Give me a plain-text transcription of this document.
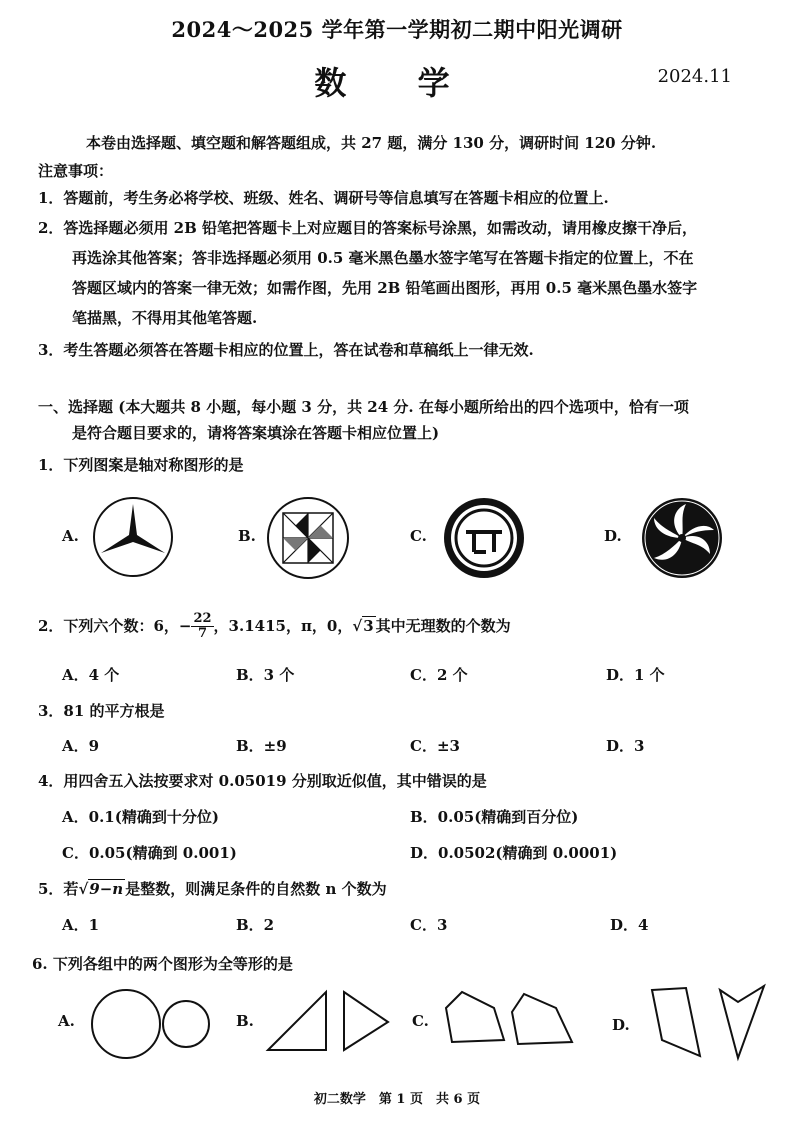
2024～2025 学年第一学期初二期中阳光调研
数 学	2024.11
本卷由选择题、填空题和解答题组成，共 27 题，满分 130 分，调研时间 120 分钟.
注意事项：
1．答题前，考生务必将学校、班级、姓名、调研号等信息填写在答题卡相应的位置上.
2．答选择题必须用 2B 铅笔把答题卡上对应题目的答案标号涂黑，如需改动，请用橡皮擦干净后，
再选涂其他答案；答非选择题必须用 0.5 毫米黑色墨水签字笔写在答题卡指定的位置上，不在
答题区域内的答案一律无效；如需作图，先用 2B 铅笔画出图形，再用 0.5 毫米黑色墨水签字
笔描黑，不得用其他笔答题.
3．考生答题必须答在答题卡相应的位置上，答在试卷和草稿纸上一律无效.
一、选择题 (本大题共 8 小题，每小题 3 分，共 24 分. 在每小题所给出的四个选项中，恰有一项
是符合题目要求的，请将答案填涂在答题卡相应位置上)
1．下列图案是轴对称图形的是
A.	B.	C.	D.
2．下列六个数：6，− $\frac{22}{7}$ ，3.1415，π，0，√3 其中无理数的个数为
A．4 个	B．3 个	C．2 个	D．1 个
3．81 的平方根是
A．9	B．±9	C．±3	D．3
4．用四舍五入法按要求对 0.05019 分别取近似值，其中错误的是
A．0.1(精确到十分位)	B．0.05(精确到百分位)
C．0.05(精确到 0.001)	D．0.0502(精确到 0.0001)
5．若√9−n 是整数，则满足条件的自然数 n 个数为
A．1	B．2	C．3	D．4
6. 下列各组中的两个图形为全等形的是
A.	B.	C.	D.
初二数学　第 1 页　共 6 页
